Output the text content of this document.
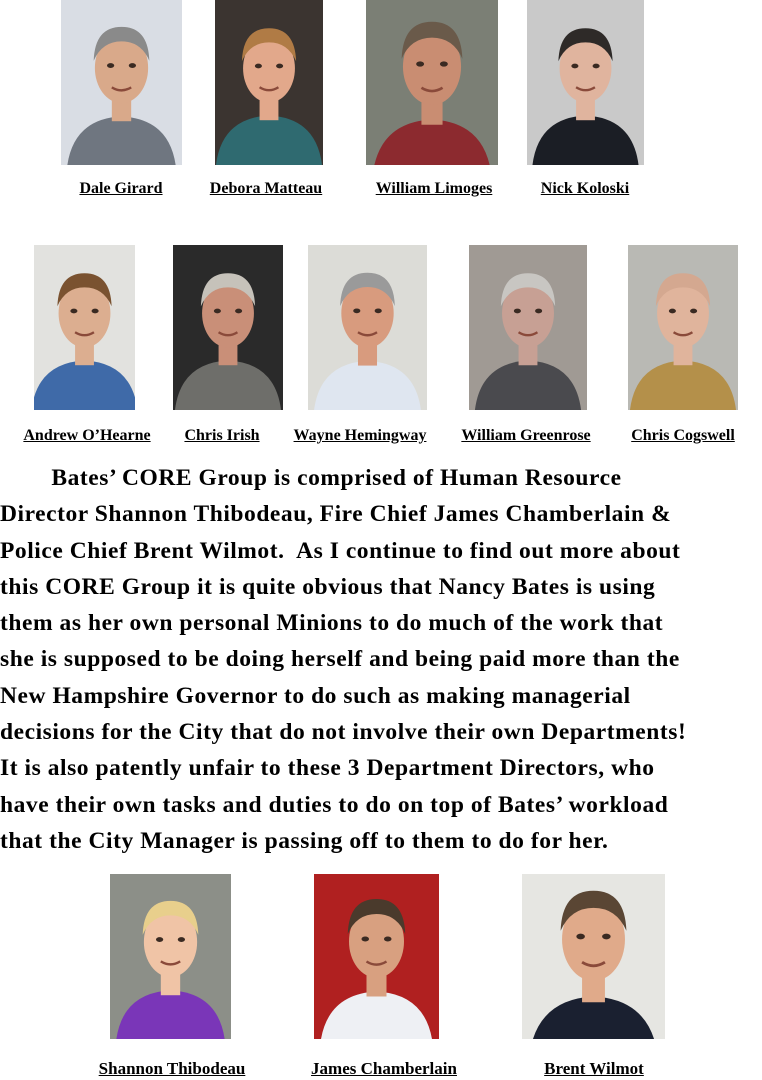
Dale Girard	Debora Matteau	William Limoges	Nick Koloski
Andrew O’Hearne Chris Irish Wayne Hemingway William Greenrose	Chris Cogswell
Bates’ CORE Group is comprised of Human Resource
Director Shannon Thibodeau, Fire Chief James Chamberlain &
Police Chief Brent Wilmot.  As I continue to find out more about
this CORE Group it is quite obvious that Nancy Bates is using
them as her own personal Minions to do much of the work that
she is supposed to be doing herself and being paid more than the
New Hampshire Governor to do such as making managerial
decisions for the City that do not involve their own Departments!
It is also patently unfair to these 3 Department Directors, who
have their own tasks and duties to do on top of Bates’ workload
that the City Manager is passing off to them to do for her.
Shannon Thibodeau	James Chamberlain	Brent Wilmot
